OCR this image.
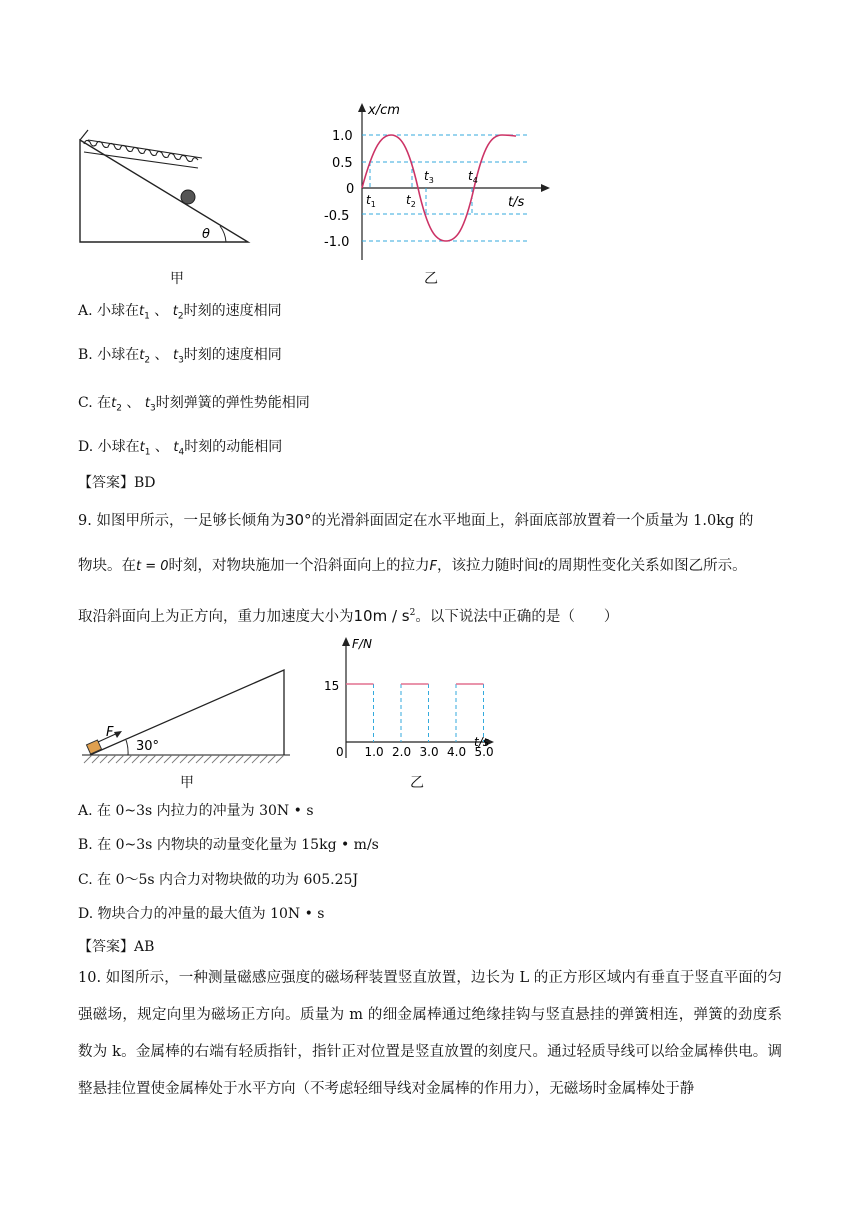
θ
甲
x/cm
t/s
1.0
0.5
0
-0.5
-1.0
$t_1$	$t_2$
$t_3$	$t_4$
乙
A. 小球在$t_1$ 、 $t_2$时刻的速度相同
B. 小球在$t_2$ 、 $t_3$时刻的速度相同
C. 在$t_2$ 、 $t_3$时刻弹簧的弹性势能相同
D. 小球在$t_1$ 、 $t_4$时刻的动能相同
【答案】BD
9. 如图甲所示，一足够长倾角为30°的光滑斜面固定在水平地面上，斜面底部放置着一个质量为 1.0kg 的
物块。在t = 0时刻，对物块施加一个沿斜面向上的拉力F，该拉力随时间t的周期性变化关系如图乙所示。
取沿斜面向上为正方向，重力加速度大小为$10m / s^2$。以下说法中正确的是（　　）
F
30°
甲
F/N
t/s
15
0 1.0 2.0 3.0 4.0 5.0
乙
A. 在 0~3s 内拉力的冲量为 30N • s
B. 在 0~3s 内物块的动量变化量为 15kg • m/s
C. 在 0～5s 内合力对物块做的功为 605.25J
D. 物块合力的冲量的最大值为 10N • s
【答案】AB
10. 如图所示，一种测量磁感应强度的磁场秤装置竖直放置，边长为 L 的正方形区域内有垂直于竖直平面的匀强磁场，规定向里为磁场正方向。质量为 m 的细金属棒通过绝缘挂钩与竖直悬挂的弹簧相连，弹簧的劲度系数为 k。金属棒的右端有轻质指针，指针正对位置是竖直放置的刻度尺。通过轻质导线可以给金属棒供电。调整悬挂位置使金属棒处于水平方向（不考虑轻细导线对金属棒的作用力），无磁场时金属棒处于静
